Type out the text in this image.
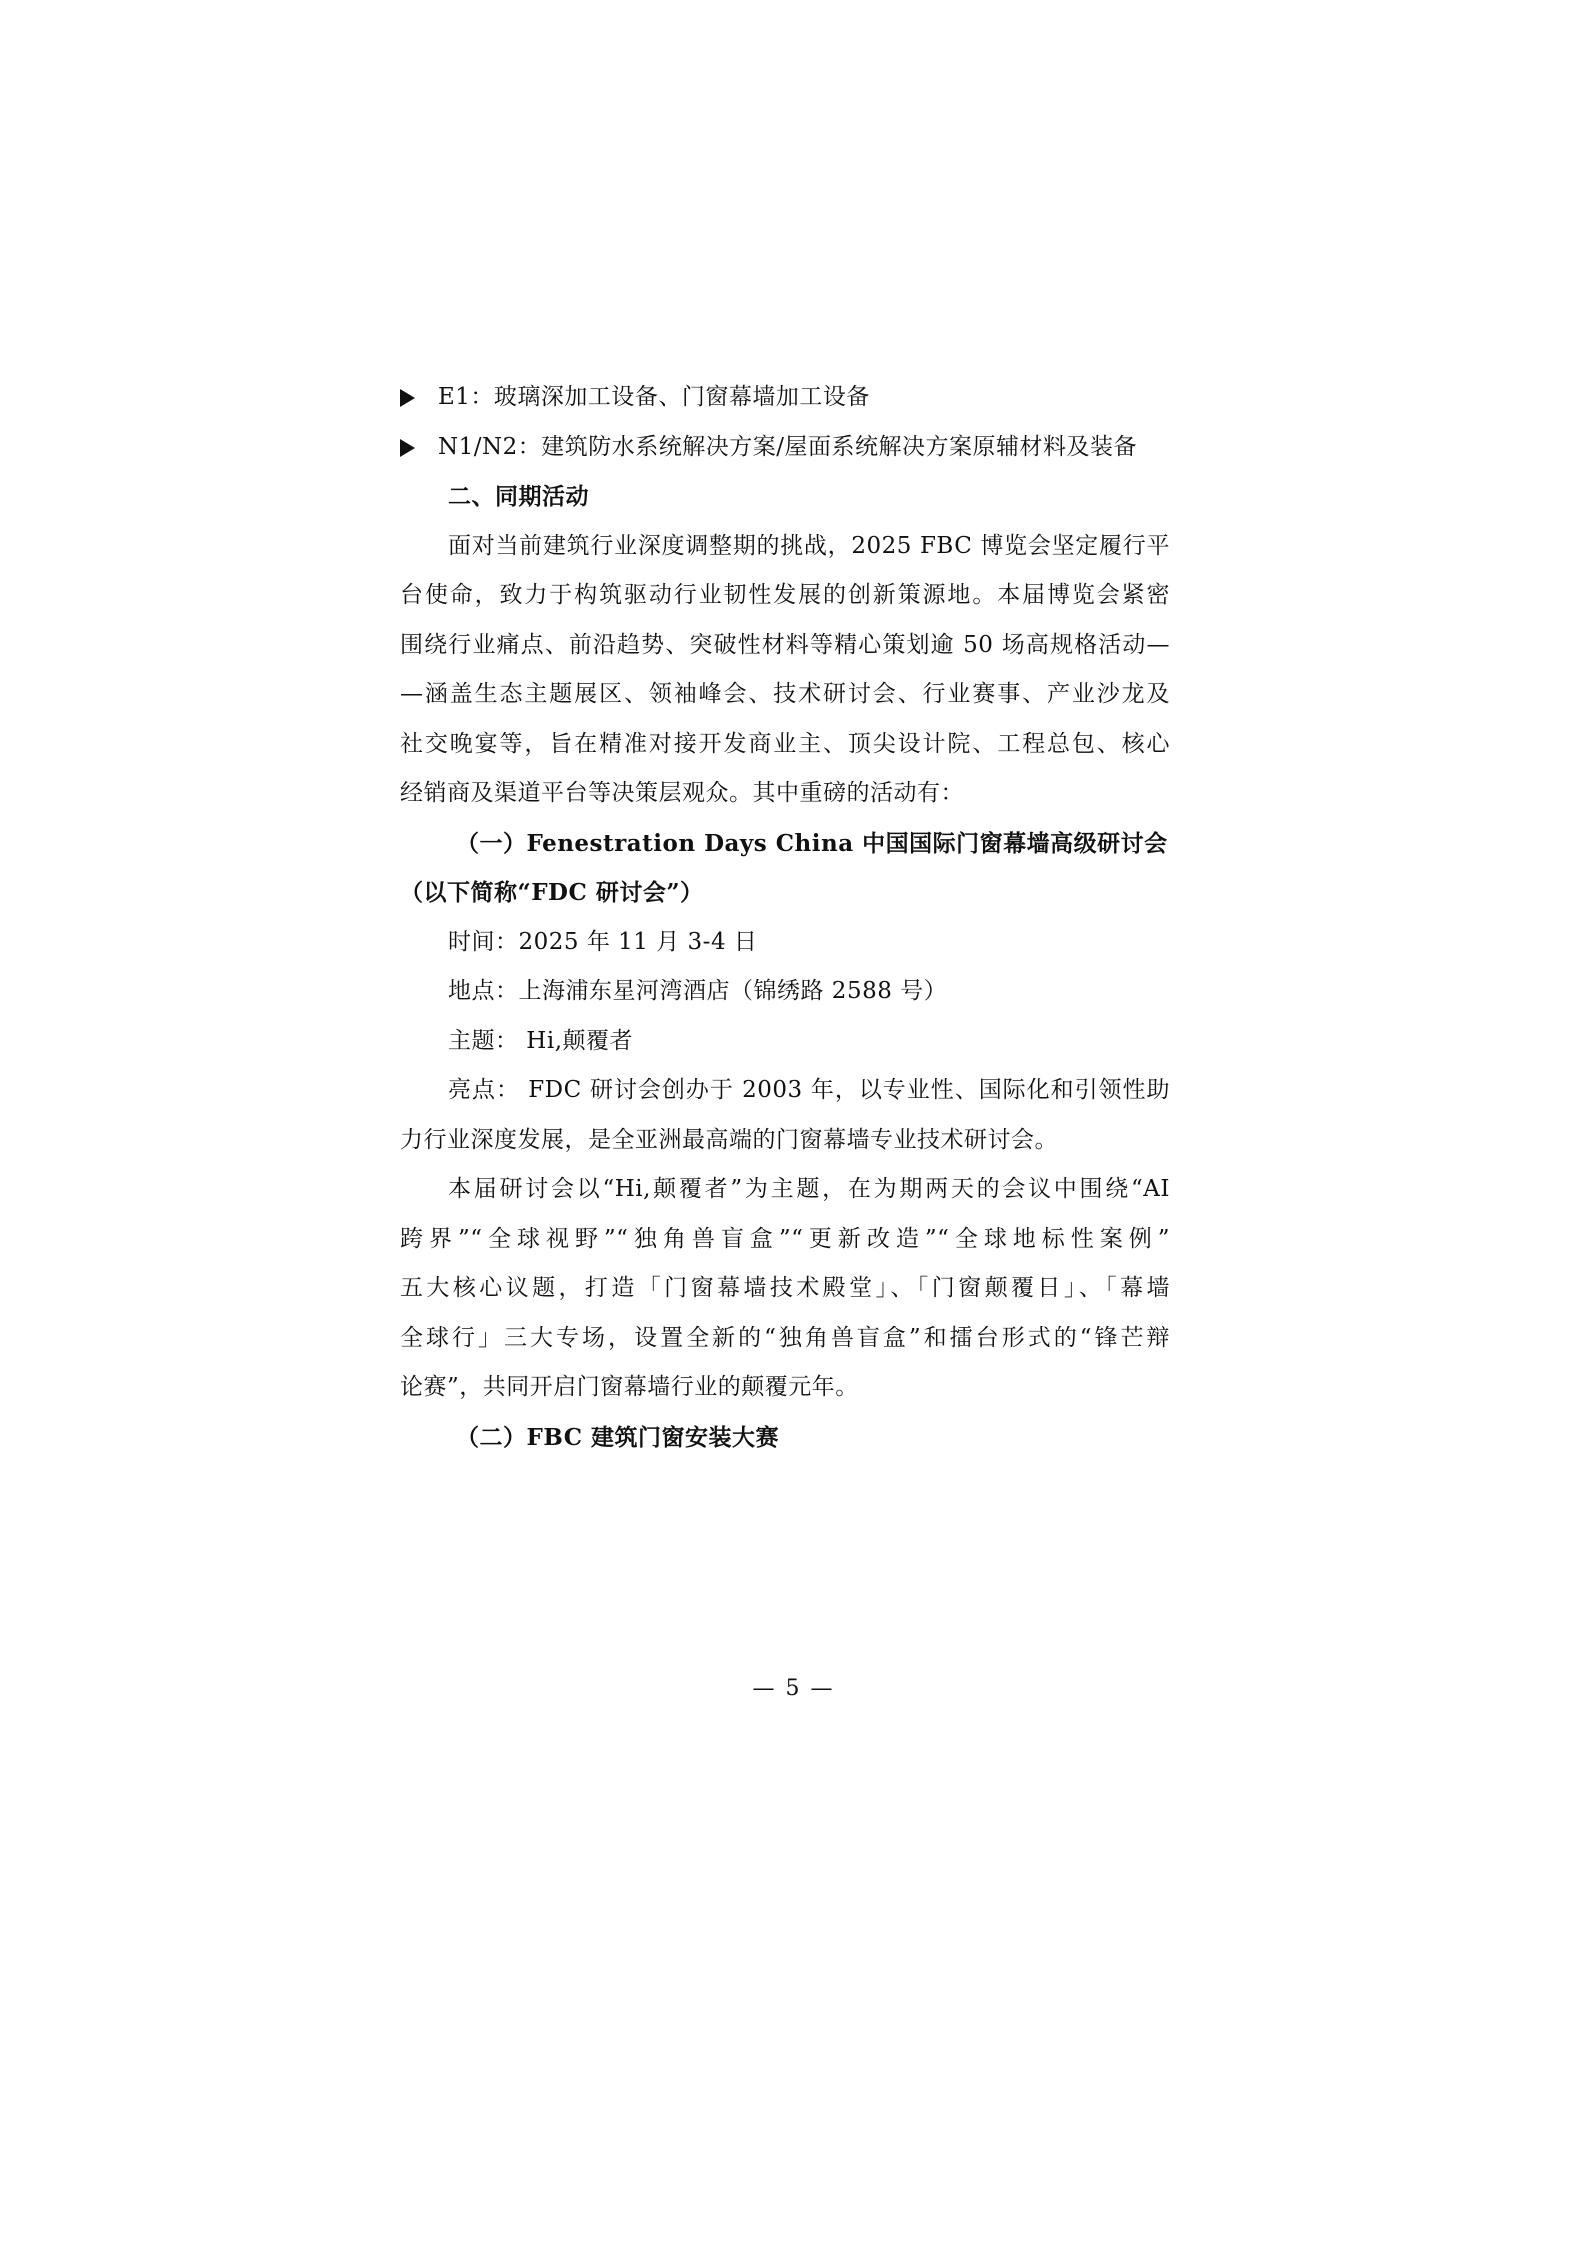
E1：玻璃深加工设备、门窗幕墙加工设备
N1/N2：建筑防水系统解决方案/屋面系统解决方案原辅材料及装备
二、同期活动
面对当前建筑行业深度调整期的挑战，2025 FBC 博览会坚定履行平
台使命，致力于构筑驱动行业韧性发展的创新策源地。本届博览会紧密
围绕行业痛点、前沿趋势、突破性材料等精心策划逾 50 场高规格活动—
—涵盖生态主题展区、领袖峰会、技术研讨会、行业赛事、产业沙龙及
社交晚宴等，旨在精准对接开发商业主、顶尖设计院、工程总包、核心
经销商及渠道平台等决策层观众。其中重磅的活动有：
（一）Fenestration Days China 中国国际门窗幕墙高级研讨会
（以下简称“FDC 研讨会”）
时间：2025 年 11 月 3-4 日
地点：上海浦东星河湾酒店（锦绣路 2588 号）
主题： Hi,颠覆者
亮点： FDC 研讨会创办于 2003 年，以专业性、国际化和引领性助
力行业深度发展，是全亚洲最高端的门窗幕墙专业技术研讨会。
本届研讨会以“Hi,颠覆者”为主题，在为期两天的会议中围绕“AI
跨界”“全球视野”“独角兽盲盒”“更新改造”“全球地标性案例”
五大核心议题，打造「门窗幕墙技术殿堂」、「门窗颠覆日」、「幕墙
全球行」三大专场，设置全新的“独角兽盲盒”和擂台形式的“锋芒辩
论赛”，共同开启门窗幕墙行业的颠覆元年。
（二）FBC 建筑门窗安装大赛
— 5 —
